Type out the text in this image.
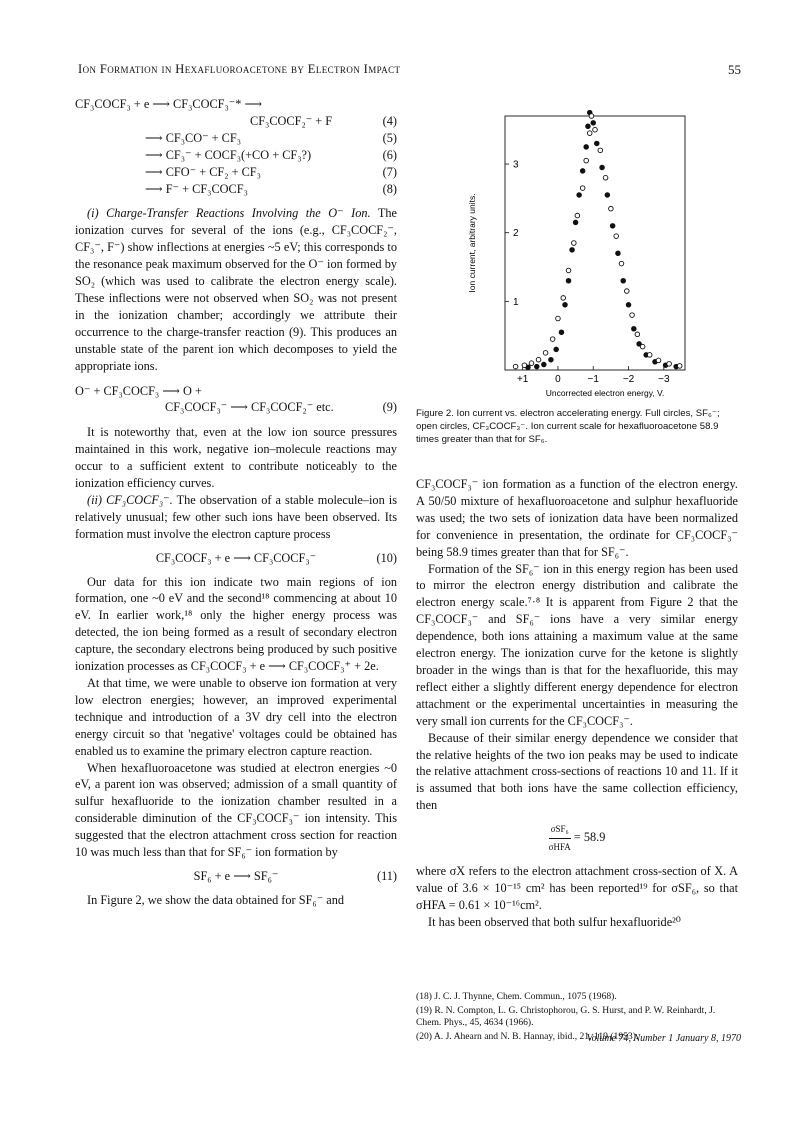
Ion Formation in Hexafluoroacetone by Electron Impact	55
CF₃COCF₃ + e ⟶ CF₃COCF₃⁻* ⟶
CF₃COCF₂⁻ + F	(4)
⟶ CF₃CO⁻ + CF₃	(5)
⟶ CF₃⁻ + COCF₃(+CO + CF₃?)	(6)
⟶ CFO⁻ + CF₂ + CF₃	(7)
⟶ F⁻ + CF₃COCF₃	(8)

(i) Charge-Transfer Reactions Involving the O⁻ Ion. The ionization curves for several of the ions (e.g., CF₃COCF₂⁻, CF₃⁻, F⁻) show inflections at energies ~5 eV; this corresponds to the resonance peak maximum observed for the O⁻ ion formed by SO₂ (which was used to calibrate the electron energy scale). These inflections were not observed when SO₂ was not present in the ionization chamber; accordingly we attribute their occurrence to the charge-transfer reaction (9). This produces an unstable state of the parent ion which decomposes to yield the appropriate ions.

O⁻ + CF₃COCF₃ ⟶ O +
CF₃COCF₃⁻ ⟶ CF₃COCF₂⁻ etc.	(9)

It is noteworthy that, even at the low ion source pressures maintained in this work, negative ion–molecule reactions may occur to a sufficient extent to contribute noticeably to the ionization efficiency curves.

(ii) CF₃COCF₃⁻. The observation of a stable molecule–ion is relatively unusual; few other such ions have been observed. Its formation must involve the electron capture process

CF₃COCF₃ + e ⟶ CF₃COCF₃⁻	(10)

Our data for this ion indicate two main regions of ion formation, one ~0 eV and the second¹⁸ commencing at about 10 eV. In earlier work,¹⁸ only the higher energy process was detected, the ion being formed as a result of secondary electron capture, the secondary electrons being produced by such positive ionization processes as CF₃COCF₃ + e ⟶ CF₃COCF₃⁺ + 2e.

At that time, we were unable to observe ion formation at very low electron energies; however, an improved experimental technique and introduction of a 3V dry cell into the electron energy circuit so that 'negative' voltages could be obtained has enabled us to examine the primary electron capture reaction.

When hexafluoroacetone was studied at electron energies ~0 eV, a parent ion was observed; admission of a small quantity of sulfur hexafluoride to the ionization chamber resulted in a considerable diminution of the CF₃COCF₃⁻ ion intensity. This suggested that the electron attachment cross section for reaction 10 was much less than that for SF₆⁻ ion formation by

SF₆ + e ⟶ SF₆⁻	(11)

In Figure 2, we show the data obtained for SF₆⁻ and

+1	0	−1 −2 −3
1
2
3
Uncorrected electron energy, V.
Ion current, arbitrary units.
Figure 2. Ion current vs. electron accelerating energy. Full circles, SF₆⁻; open circles, CF₃COCF₃⁻. Ion current scale for hexafluoroacetone 58.9 times greater than that for SF₆.

CF₃COCF₃⁻ ion formation as a function of the electron energy. A 50/50 mixture of hexafluoroacetone and sulphur hexafluoride was used; the two sets of ionization data have been normalized for convenience in presentation, the ordinate for CF₃COCF₃⁻ being 58.9 times greater than that for SF₆⁻.

Formation of the SF₆⁻ ion in this energy region has been used to mirror the electron energy distribution and calibrate the electron energy scale.⁷·⁸ It is apparent from Figure 2 that the CF₃COCF₃⁻ and SF₆⁻ ions have a very similar energy dependence, both ions attaining a maximum value at the same electron energy. The ionization curve for the ketone is slightly broader in the wings than is that for the hexafluoride, this may reflect either a slightly different energy dependence for electron attachment or the experimental uncertainties in measuring the very small ion currents for the CF₃COCF₃⁻.

Because of their similar energy dependence we consider that the relative heights of the two ion peaks may be used to indicate the relative attachment cross-sections of reactions 10 and 11. If it is assumed that both ions have the same collection efficiency, then

$\frac{\text{σSF₆}}{\text{σHFA}} = 58.9$

where σX refers to the electron attachment cross-section of X. A value of 3.6 × 10⁻¹⁵ cm² has been reported¹⁹ for σSF₆, so that σHFA = 0.61 × 10⁻¹⁶cm².

It has been observed that both sulfur hexafluoride²⁰

(18) J. C. J. Thynne, Chem. Commun., 1075 (1968).
(19) R. N. Compton, L. G. Christophorou, G. S. Hurst, and P. W. Reinhardt, J. Chem. Phys., 45, 4634 (1966).
(20) A. J. Ahearn and N. B. Hannay, ibid., 21, 119 (1953).
Volume 74, Number 1 January 8, 1970
